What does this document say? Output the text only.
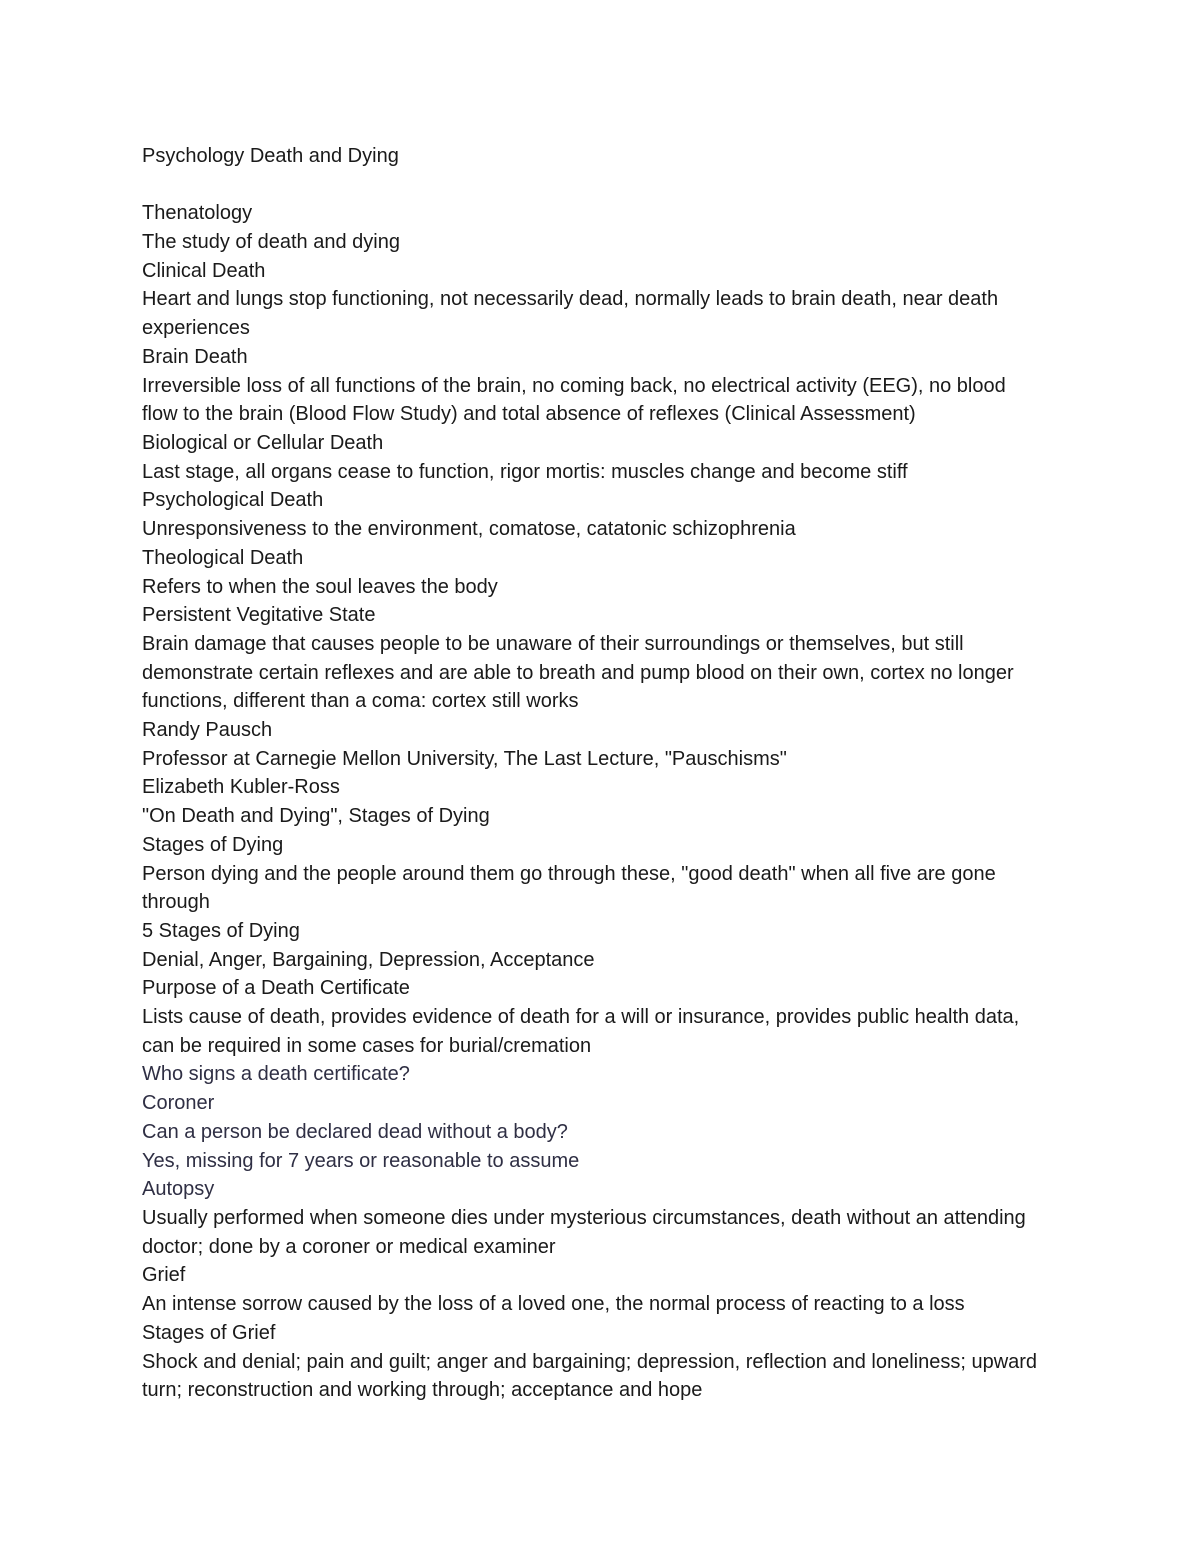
Psychology Death and Dying

Thenatology

The study of death and dying

Clinical Death

Heart and lungs stop functioning, not necessarily dead, normally leads to brain death, near death experiences

Brain Death

Irreversible loss of all functions of the brain, no coming back, no electrical activity (EEG), no blood flow to the brain (Blood Flow Study) and total absence of reflexes (Clinical Assessment)

Biological or Cellular Death

Last stage, all organs cease to function, rigor mortis: muscles change and become stiff

Psychological Death

Unresponsiveness to the environment, comatose, catatonic schizophrenia

Theological Death

Refers to when the soul leaves the body

Persistent Vegitative State

Brain damage that causes people to be unaware of their surroundings or themselves, but still demonstrate certain reflexes and are able to breath and pump blood on their own, cortex no longer functions, different than a coma: cortex still works

Randy Pausch

Professor at Carnegie Mellon University, The Last Lecture, "Pauschisms"

Elizabeth Kubler-Ross

"On Death and Dying", Stages of Dying

Stages of Dying

Person dying and the people around them go through these, "good death" when all five are gone through

5 Stages of Dying

Denial, Anger, Bargaining, Depression, Acceptance

Purpose of a Death Certificate

Lists cause of death, provides evidence of death for a will or insurance, provides public health data, can be required in some cases for burial/cremation

Who signs a death certificate?

Coroner

Can a person be declared dead without a body?

Yes, missing for 7 years or reasonable to assume

Autopsy

Usually performed when someone dies under mysterious circumstances, death without an attending doctor; done by a coroner or medical examiner

Grief

An intense sorrow caused by the loss of a loved one, the normal process of reacting to a loss

Stages of Grief

Shock and denial; pain and guilt; anger and bargaining; depression, reflection and loneliness; upward turn; reconstruction and working through; acceptance and hope
